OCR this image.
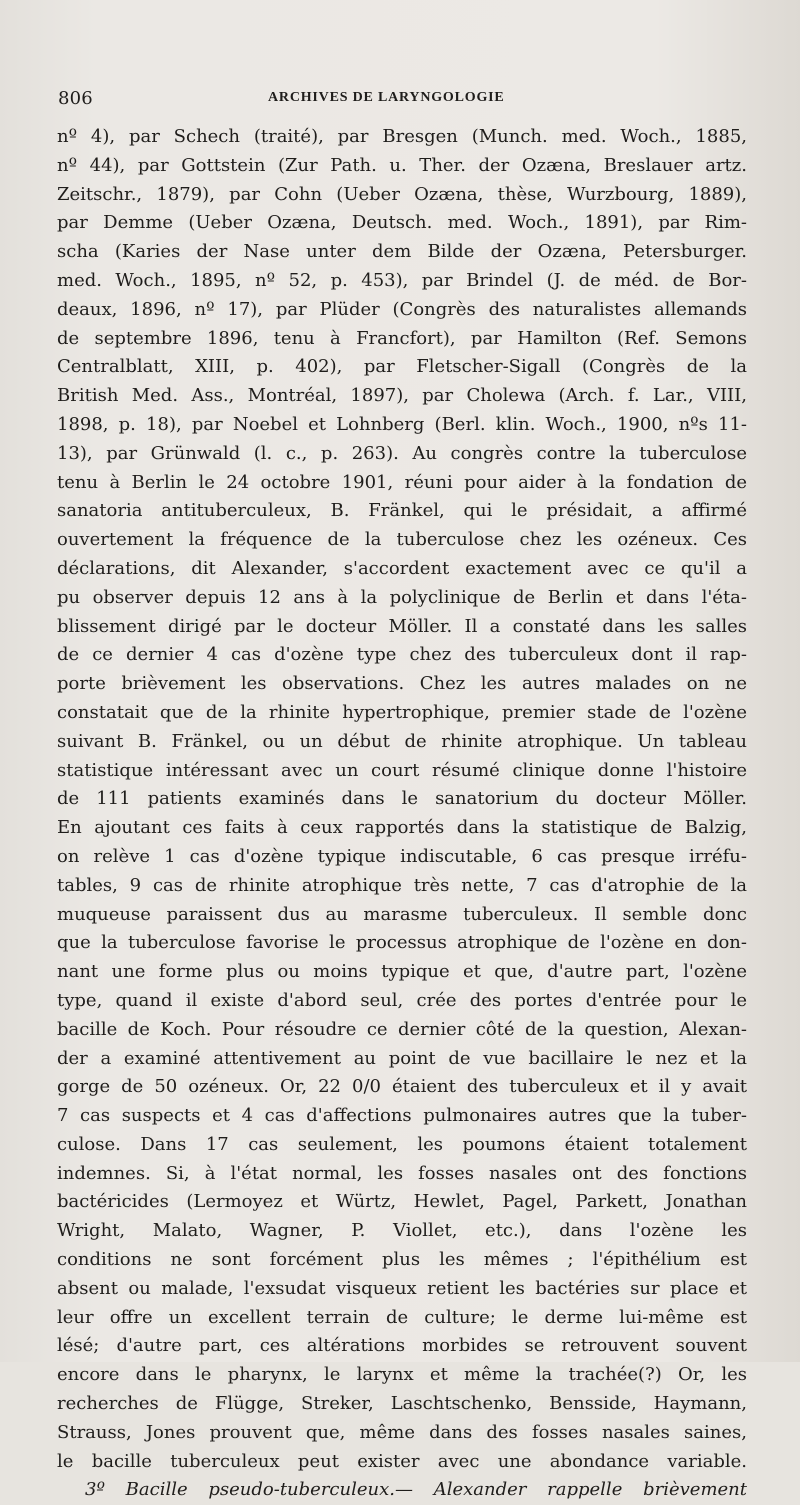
806	ARCHIVES DE LARYNGOLOGIE
nº 4), par Schech (traité), par Bresgen (Munch. med. Woch., 1885,
nº 44), par Gottstein (Zur Path. u. Ther. der Ozæna, Breslauer artz.
Zeitschr., 1879), par Cohn (Ueber Ozæna, thèse, Wurzbourg, 1889),
par Demme (Ueber Ozæna, Deutsch. med. Woch., 1891), par Rim-
scha (Karies der Nase unter dem Bilde der Ozæna, Petersburger.
med. Woch., 1895, nº 52, p. 453), par Brindel (J. de méd. de Bor-
deaux, 1896, nº 17), par Plüder (Congrès des naturalistes allemands
de septembre 1896, tenu à Francfort), par Hamilton (Ref. Semons
Centralblatt, XIII, p. 402), par Fletscher-Sigall (Congrès de la
British Med. Ass., Montréal, 1897), par Cholewa (Arch. f. Lar., VIII,
1898, p. 18), par Noebel et Lohnberg (Berl. klin. Woch., 1900, nºs 11-
13), par Grünwald (l. c., p. 263). Au congrès contre la tuberculose
tenu à Berlin le 24 octobre 1901, réuni pour aider à la fondation de
sanatoria antituberculeux, B. Fränkel, qui le présidait, a affirmé
ouvertement la fréquence de la tuberculose chez les ozéneux. Ces
déclarations, dit Alexander, s'accordent exactement avec ce qu'il a
pu observer depuis 12 ans à la polyclinique de Berlin et dans l'éta-
blissement dirigé par le docteur Möller. Il a constaté dans les salles
de ce dernier 4 cas d'ozène type chez des tuberculeux dont il rap-
porte brièvement les observations. Chez les autres malades on ne
constatait que de la rhinite hypertrophique, premier stade de l'ozène
suivant B. Fränkel, ou un début de rhinite atrophique. Un tableau
statistique intéressant avec un court résumé clinique donne l'histoire
de 111 patients examinés dans le sanatorium du docteur Möller.
En ajoutant ces faits à ceux rapportés dans la statistique de Balzig,
on relève 1 cas d'ozène typique indiscutable, 6 cas presque irréfu-
tables, 9 cas de rhinite atrophique très nette, 7 cas d'atrophie de la
muqueuse paraissent dus au marasme tuberculeux. Il semble donc
que la tuberculose favorise le processus atrophique de l'ozène en don-
nant une forme plus ou moins typique et que, d'autre part, l'ozène
type, quand il existe d'abord seul, crée des portes d'entrée pour le
bacille de Koch. Pour résoudre ce dernier côté de la question, Alexan-
der a examiné attentivement au point de vue bacillaire le nez et la
gorge de 50 ozéneux. Or, 22 0/0 étaient des tuberculeux et il y avait
7 cas suspects et 4 cas d'affections pulmonaires autres que la tuber-
culose. Dans 17 cas seulement, les poumons étaient totalement
indemnes. Si, à l'état normal, les fosses nasales ont des fonctions
bactéricides (Lermoyez et Würtz, Hewlet, Pagel, Parkett, Jonathan
Wright, Malato, Wagner, P. Viollet, etc.), dans l'ozène les
conditions ne sont forcément plus les mêmes ; l'épithélium est
absent ou malade, l'exsudat visqueux retient les bactéries sur place et
leur offre un excellent terrain de culture; le derme lui-même est
lésé; d'autre part, ces altérations morbides se retrouvent souvent
encore dans le pharynx, le larynx et même la trachée(?) Or, les
recherches de Flügge, Streker, Laschtschenko, Bensside, Haymann,
Strauss, Jones prouvent que, même dans des fosses nasales saines,
le bacille tuberculeux peut exister avec une abondance variable.
3º Bacille pseudo-tuberculeux.— Alexander rappelle brièvement
